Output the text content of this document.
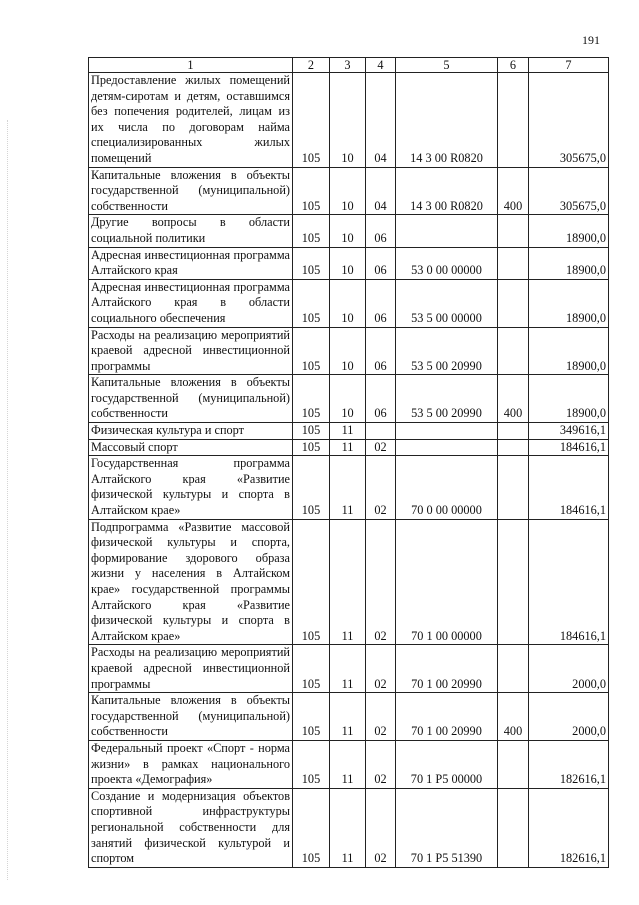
191
1	2	3	4	5	6	7
Предоставление жилых помещений детям-сиротам и детям, оставшимся без попечения родителей, лицам из их числа по договорам найма специализированных жилых помещений	105	10	04	14 3 00 R0820		305675,0
Капитальные вложения в объекты государственной (муниципальной) собственности	105	10	04	14 3 00 R0820	400	305675,0
Другие вопросы в области социальной политики	105	10	06			18900,0
Адресная инвестиционная программа Алтайского края	105	10	06	53 0 00 00000		18900,0
Адресная инвестиционная программа Алтайского края в области социального обеспечения	105	10	06	53 5 00 00000		18900,0
Расходы на реализацию мероприятий краевой адресной инвестиционной программы	105	10	06	53 5 00 20990		18900,0
Капитальные вложения в объекты государственной (муниципальной) собственности	105	10	06	53 5 00 20990	400	18900,0
Физическая культура и спорт	105	11				349616,1
Массовый спорт	105	11	02			184616,1
Государственная программа Алтайского края «Развитие физической культуры и спорта в Алтайском крае»	105	11	02	70 0 00 00000		184616,1
Подпрограмма «Развитие массовой физической культуры и спорта, формирование здорового образа жизни у населения в Алтайском крае» государственной программы Алтайского края «Развитие физической культуры и спорта в Алтайском крае»	105	11	02	70 1 00 00000		184616,1
Расходы на реализацию мероприятий краевой адресной инвестиционной программы	105	11	02	70 1 00 20990		2000,0
Капитальные вложения в объекты государственной (муниципальной) собственности	105	11	02	70 1 00 20990	400	2000,0
Федеральный проект «Спорт - норма жизни» в рамках национального проекта «Демография»	105	11	02	70 1 Р5 00000		182616,1
Создание и модернизация объектов спортивной инфраструктуры региональной собственности для занятий физической культурой и спортом	105	11	02	70 1 Р5 51390		182616,1
